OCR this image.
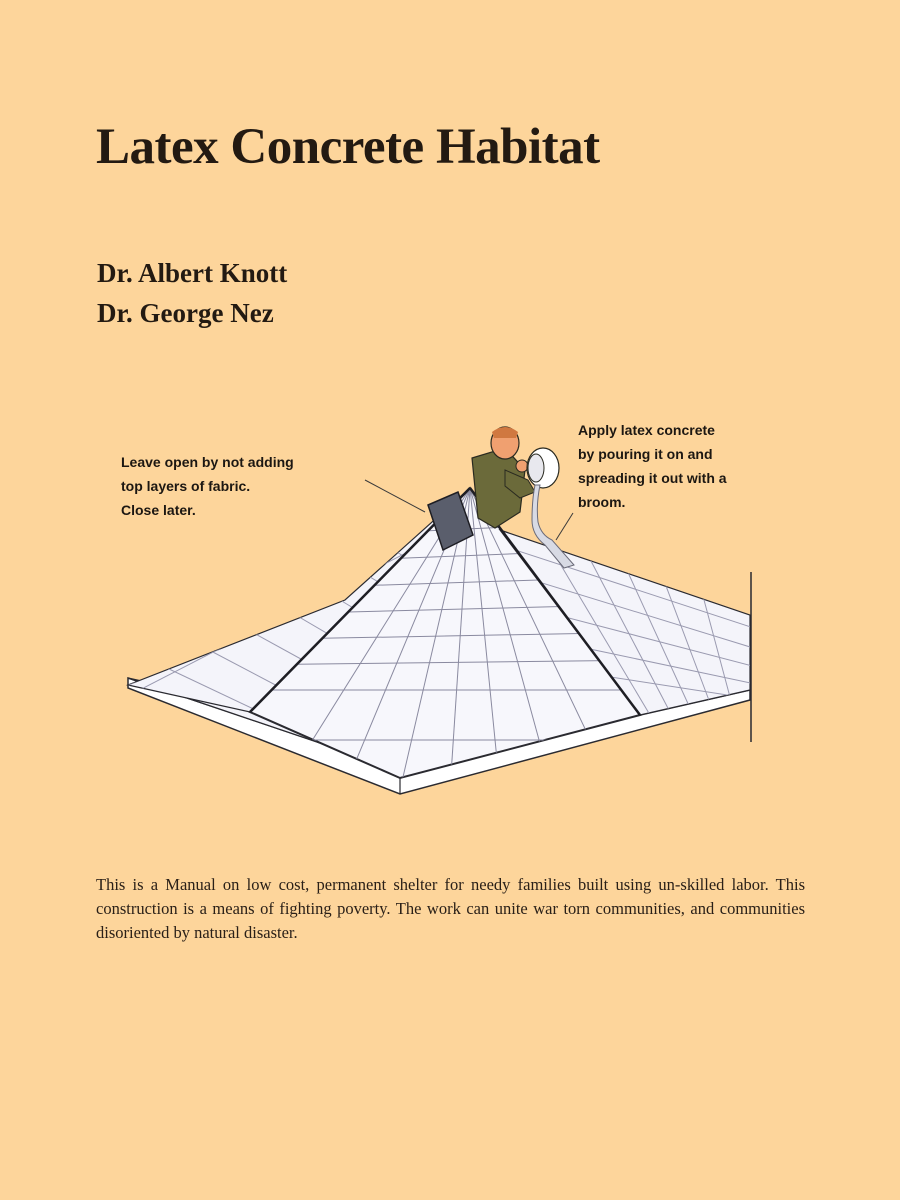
Latex Concrete Habitat
Dr. Albert Knott
Dr. George Nez
Leave open by not adding
top layers of fabric.
Close later.
Apply latex concrete
by pouring it on and
spreading it out with a
broom.

This is a Manual on low cost, permanent shelter for needy families built using un-skilled labor. This construction is a means of fighting poverty. The work can unite war torn communities, and communities disoriented by natural disaster.
